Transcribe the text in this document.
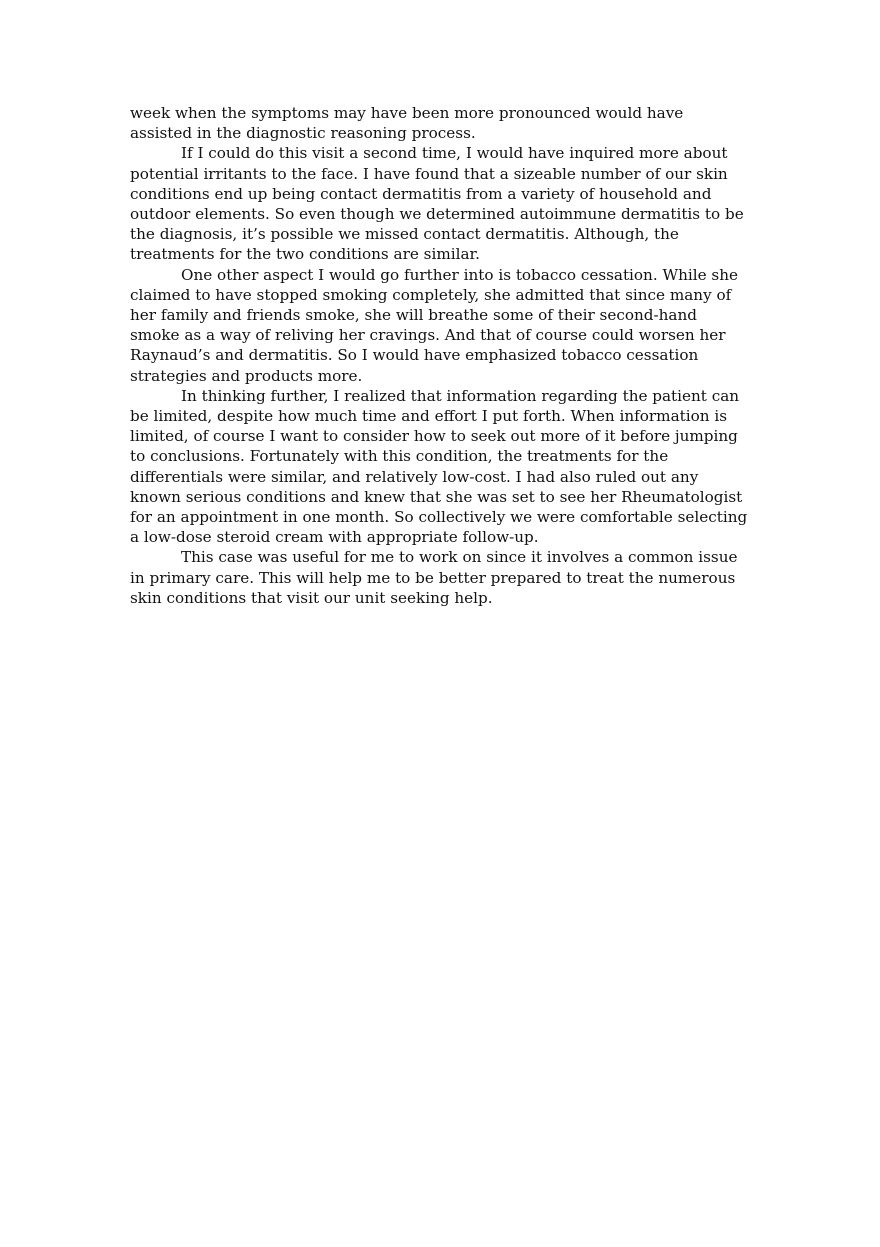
week when the symptoms may have been more pronounced would have assisted in the diagnostic reasoning process.

If I could do this visit a second time, I would have inquired more about potential irritants to the face. I have found that a sizeable number of our skin conditions end up being contact dermatitis from a variety of household and outdoor elements. So even though we determined autoimmune dermatitis to be the diagnosis, it’s possible we missed contact dermatitis. Although, the treatments for the two conditions are similar.

One other aspect I would go further into is tobacco cessation. While she claimed to have stopped smoking completely, she admitted that since many of her family and friends smoke, she will breathe some of their second-hand smoke as a way of reliving her cravings. And that of course could worsen her Raynaud’s and dermatitis. So I would have emphasized tobacco cessation strategies and products more.

In thinking further, I realized that information regarding the patient can be limited, despite how much time and effort I put forth. When information is limited, of course I want to consider how to seek out more of it before jumping to conclusions. Fortunately with this condition, the treatments for the differentials were similar, and relatively low-cost. I had also ruled out any known serious conditions and knew that she was set to see her Rheumatologist for an appointment in one month. So collectively we were comfortable selecting a low-dose steroid cream with appropriate follow-up.

This case was useful for me to work on since it involves a common issue in primary care. This will help me to be better prepared to treat the numerous skin conditions that visit our unit seeking help.
